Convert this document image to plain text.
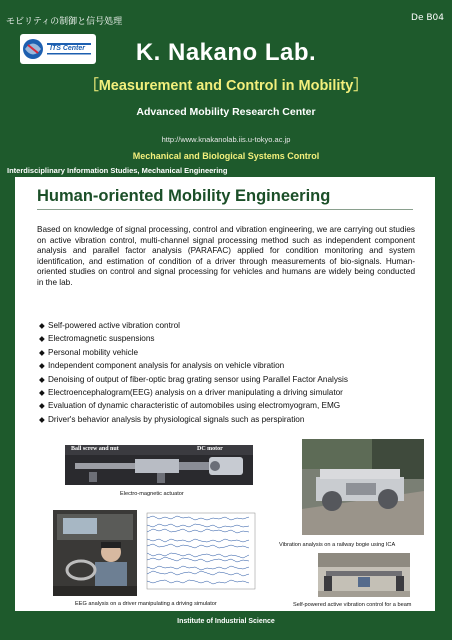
モビリティの制御と信号処理	De B04
ITS Center	K. Nakano Lab.
［Measurement and Control in Mobility］
Advanced Mobility Research Center
http://www.knakanolab.iis.u-tokyo.ac.jp
Mechanical and Biological Systems Control
Interdisciplinary Information Studies, Mechanical Engineering
Human-oriented Mobility Engineering

Based on knowledge of signal processing, control and vibration engineering, we are carrying out studies on active vibration control, multi-channel signal processing method such as independent component analysis and parallel factor analysis (PARAFAC) applied for condition monitoring and system identification, and estimation of condition of a driver through measurements of bio-signals. Human-oriented studies on control and signal processing for vehicles and humans are widely being conducted in the lab.

◆ Self-powered active vibration control
◆ Electromagnetic suspensions
◆ Personal mobility vehicle
◆ Independent component analysis for analysis on vehicle vibration
◆ Denoising of output of fiber-optic brag grating sensor using Parallel Factor Analysis
◆ Electroencephalogram(EEG) analysis on a driver manipulating a driving simulator
◆ Evaluation of dynamic characteristic of automobiles using electromyogram, EMG
◆ Driver's behavior analysis by physiological signals such as perspiration
Ball screw and nut	DC motor
Electro-magnetic actuator
Vibration analysis on a railway bogie using ICA
EEG analysis on a driver manipulating a driving simulator	Self-powered active vibration control for a beam
Institute of Industrial Science
